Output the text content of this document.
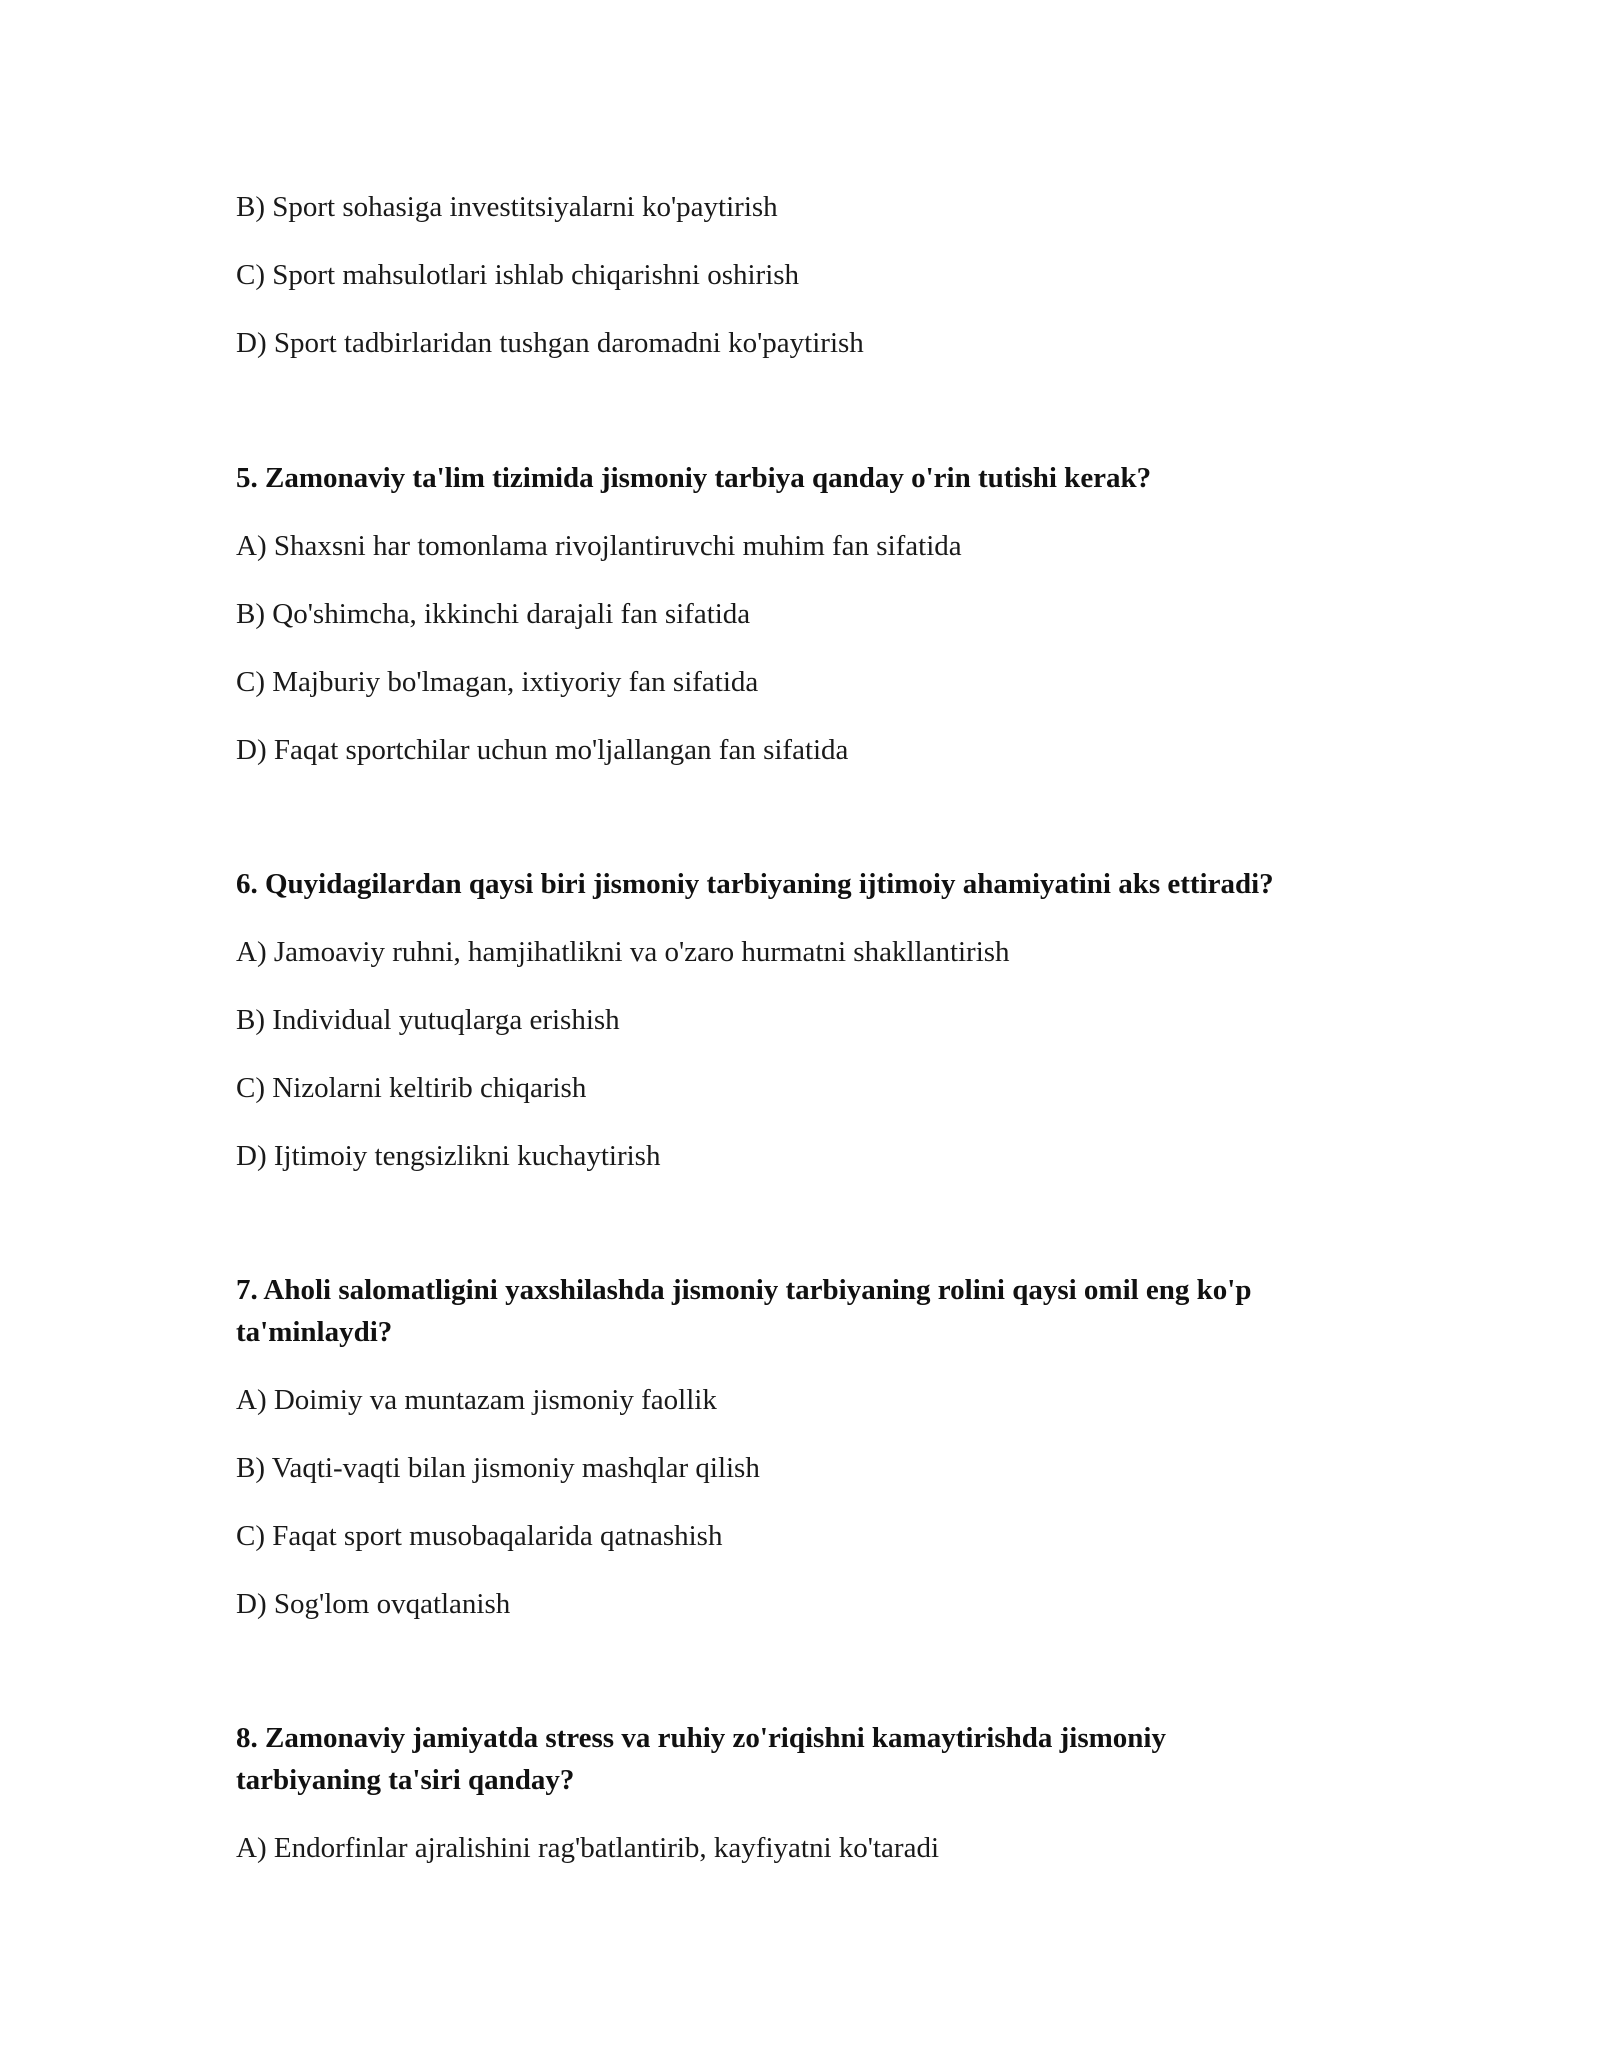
B) Sport sohasiga investitsiyalarni ko'paytirish
C) Sport mahsulotlari ishlab chiqarishni oshirish
D) Sport tadbirlaridan tushgan daromadni ko'paytirish
5. Zamonaviy ta'lim tizimida jismoniy tarbiya qanday o'rin tutishi kerak?
A) Shaxsni har tomonlama rivojlantiruvchi muhim fan sifatida
B) Qo'shimcha, ikkinchi darajali fan sifatida
C) Majburiy bo'lmagan, ixtiyoriy fan sifatida
D) Faqat sportchilar uchun mo'ljallangan fan sifatida
6. Quyidagilardan qaysi biri jismoniy tarbiyaning ijtimoiy ahamiyatini aks ettiradi?
A) Jamoaviy ruhni, hamjihatlikni va o'zaro hurmatni shakllantirish
B) Individual yutuqlarga erishish
C) Nizolarni keltirib chiqarish
D) Ijtimoiy tengsizlikni kuchaytirish
7. Aholi salomatligini yaxshilashda jismoniy tarbiyaning rolini qaysi omil eng ko'p
ta'minlaydi?
A) Doimiy va muntazam jismoniy faollik
B) Vaqti-vaqti bilan jismoniy mashqlar qilish
C) Faqat sport musobaqalarida qatnashish
D) Sog'lom ovqatlanish
8. Zamonaviy jamiyatda stress va ruhiy zo'riqishni kamaytirishda jismoniy
tarbiyaning ta'siri qanday?
A) Endorfinlar ajralishini rag'batlantirib, kayfiyatni ko'taradi
